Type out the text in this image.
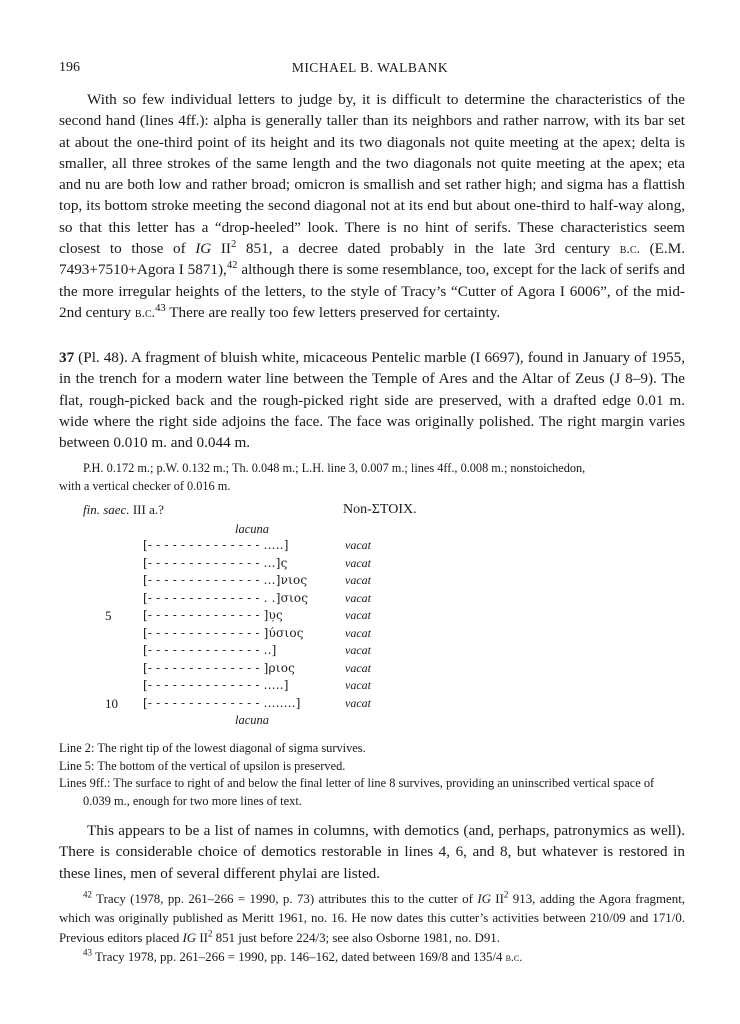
196	MICHAEL B. WALBANK

With so few individual letters to judge by, it is difficult to determine the characteristics of the second hand (lines 4ff.): alpha is generally taller than its neighbors and rather narrow, with its bar set at about the one-third point of its height and its two diagonals not quite meeting at the apex; delta is smaller, all three strokes of the same length and the two diagonals not quite meeting at the apex; eta and nu are both low and rather broad; omicron is smallish and set rather high; and sigma has a flattish top, its bottom stroke meeting the second diagonal not at its end but about one-third to half-way along, so that this letter has a “drop-heeled” look. There is no hint of serifs. These characteristics seem closest to those of IG $II^2$ 851, a decree dated probably in the late 3rd century b.c. (E.M. 7493+7510+Agora I 5871),$^{42}$ although there is some resemblance, too, except for the lack of serifs and the more irregular heights of the letters, to the style of Tracy’s “Cutter of Agora I 6006”, of the mid-2nd century b.c.$^{43}$ There are really too few letters preserved for certainty.

37 (Pl. 48). A fragment of bluish white, micaceous Pentelic marble (I 6697), found in January of 1955, in the trench for a modern water line between the Temple of Ares and the Altar of Zeus (J 8–9). The flat, rough-picked back and the rough-picked right side are preserved, with a drafted edge 0.01 m. wide where the right side adjoins the face. The face was originally polished. The right margin varies between 0.010 m. and 0.044 m.

P.H. 0.172 m.; p.W. 0.132 m.; Th. 0.048 m.; L.H. line 3, 0.007 m.; lines 4ff., 0.008 m.; nonstoichedon,
with a vertical checker of 0.016 m.
fin. saec. III a.?	Non-ΣTOIX.
lacuna
[- - - - - - - - - - - - - - .....]	vacat
[- - - - - - - - - - - - - - ...]ς	vacat
[- - - - - - - - - - - - - - ...]νιος	vacat
[- - - - - - - - - - - - - - . .]σιος	vacat
5	[- - - - - - - - - - - - - - ]υ̣ς	vacat
[- - - - - - - - - - - - - - ]ύσιος	vacat
[- - - - - - - - - - - - - - ..]	vacat
[- - - - - - - - - - - - - - ]ριος	vacat
[- - - - - - - - - - - - - - .....]	vacat
10	[- - - - - - - - - - - - - - ........]	vacat
lacuna

Line 2: The right tip of the lowest diagonal of sigma survives.

Line 5: The bottom of the vertical of upsilon is preserved.

Lines 9ff.: The surface to right of and below the final letter of line 8 survives, providing an uninscribed vertical space of 0.039 m., enough for two more lines of text.

This appears to be a list of names in columns, with demotics (and, perhaps, patronymics as well). There is considerable choice of demotics restorable in lines 4, 6, and 8, but whatever is restored in these lines, men of several different phylai are listed.

$^{42}$ Tracy (1978, pp. 261–266 = 1990, p. 73) attributes this to the cutter of IG $II^2$ 913, adding the Agora fragment, which was originally published as Meritt 1961, no. 16. He now dates this cutter’s activities between 210/09 and 171/0. Previous editors placed IG $II^2$ 851 just before 224/3; see also Osborne 1981, no. D91.

$^{43}$ Tracy 1978, pp. 261–266 = 1990, pp. 146–162, dated between 169/8 and 135/4 b.c.
